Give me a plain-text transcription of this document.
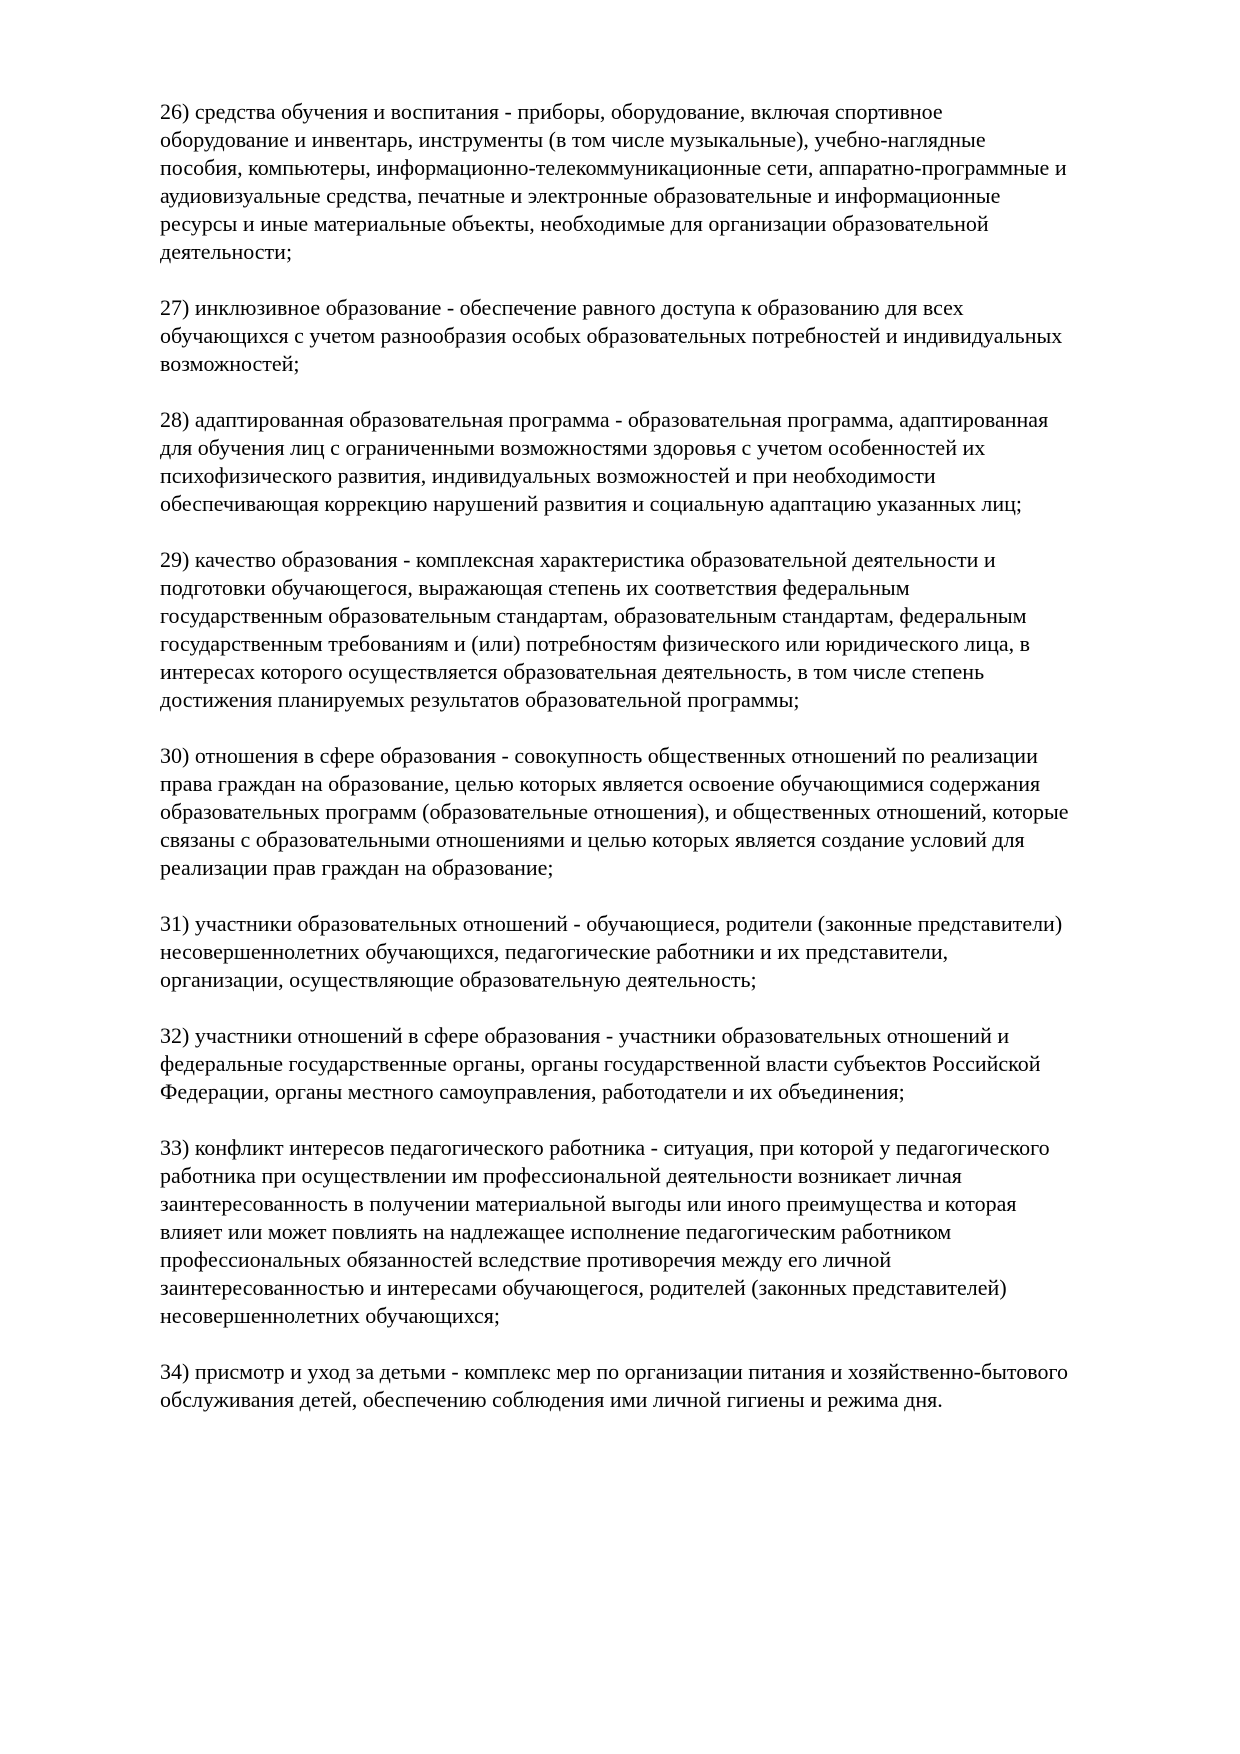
26) средства обучения и воспитания - приборы, оборудование, включая спортивное оборудование и инвентарь, инструменты (в том числе музыкальные), учебно-наглядные пособия, компьютеры, информационно-телекоммуникационные сети, аппаратно-программные и аудиовизуальные средства, печатные и электронные образовательные и информационные ресурсы и иные материальные объекты, необходимые для организации образовательной деятельности;

27) инклюзивное образование - обеспечение равного доступа к образованию для всех обучающихся с учетом разнообразия особых образовательных потребностей и индивидуальных возможностей;

28) адаптированная образовательная программа - образовательная программа, адаптированная для обучения лиц с ограниченными возможностями здоровья с учетом особенностей их психофизического развития, индивидуальных возможностей и при необходимости обеспечивающая коррекцию нарушений развития и социальную адаптацию указанных лиц;

29) качество образования - комплексная характеристика образовательной деятельности и подготовки обучающегося, выражающая степень их соответствия федеральным государственным образовательным стандартам, образовательным стандартам, федеральным государственным требованиям и (или) потребностям физического или юридического лица, в интересах которого осуществляется образовательная деятельность, в том числе степень достижения планируемых результатов образовательной программы;

30) отношения в сфере образования - совокупность общественных отношений по реализации права граждан на образование, целью которых является освоение обучающимися содержания образовательных программ (образовательные отношения), и общественных отношений, которые связаны с образовательными отношениями и целью которых является создание условий для реализации прав граждан на образование;

31) участники образовательных отношений - обучающиеся, родители (законные представители) несовершеннолетних обучающихся, педагогические работники и их представители, организации, осуществляющие образовательную деятельность;

32) участники отношений в сфере образования - участники образовательных отношений и федеральные государственные органы, органы государственной власти субъектов Российской Федерации, органы местного самоуправления, работодатели и их объединения;

33) конфликт интересов педагогического работника - ситуация, при которой у педагогического работника при осуществлении им профессиональной деятельности возникает личная заинтересованность в получении материальной выгоды или иного преимущества и которая влияет или может повлиять на надлежащее исполнение педагогическим работником профессиональных обязанностей вследствие противоречия между его личной заинтересованностью и интересами обучающегося, родителей (законных представителей) несовершеннолетних обучающихся;

34) присмотр и уход за детьми - комплекс мер по организации питания и хозяйственно-бытового обслуживания детей, обеспечению соблюдения ими личной гигиены и режима дня.
